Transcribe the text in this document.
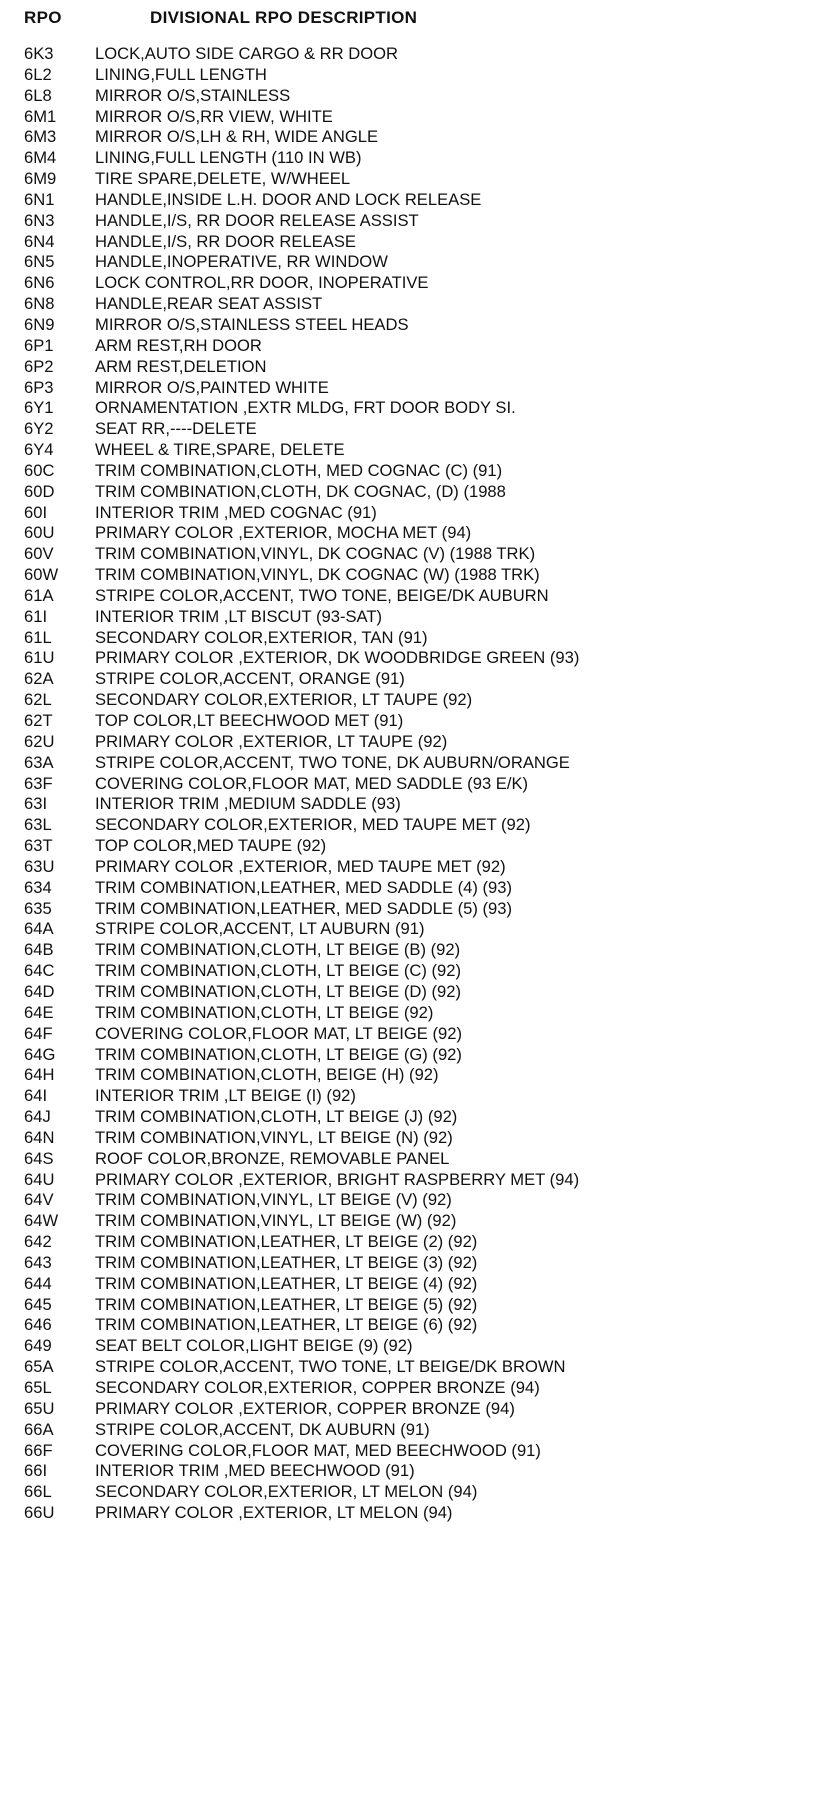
RPO	DIVISIONAL RPO DESCRIPTION
6K3	LOCK,AUTO SIDE CARGO & RR DOOR
6L2	LINING,FULL LENGTH
6L8	MIRROR O/S,STAINLESS
6M1	MIRROR O/S,RR VIEW, WHITE
6M3	MIRROR O/S,LH & RH, WIDE ANGLE
6M4	LINING,FULL LENGTH (110 IN WB)
6M9	TIRE SPARE,DELETE, W/WHEEL
6N1	HANDLE,INSIDE L.H. DOOR AND LOCK RELEASE
6N3	HANDLE,I/S, RR DOOR RELEASE ASSIST
6N4	HANDLE,I/S, RR DOOR RELEASE
6N5	HANDLE,INOPERATIVE, RR WINDOW
6N6	LOCK CONTROL,RR DOOR, INOPERATIVE
6N8	HANDLE,REAR SEAT ASSIST
6N9	MIRROR O/S,STAINLESS STEEL HEADS
6P1	ARM REST,RH DOOR
6P2	ARM REST,DELETION
6P3	MIRROR O/S,PAINTED WHITE
6Y1	ORNAMENTATION ,EXTR MLDG, FRT DOOR BODY SI.
6Y2	SEAT RR,----DELETE
6Y4	WHEEL & TIRE,SPARE, DELETE
60C	TRIM COMBINATION,CLOTH, MED COGNAC (C) (91)
60D	TRIM COMBINATION,CLOTH, DK COGNAC, (D) (1988
60I	INTERIOR TRIM ,MED COGNAC (91)
60U	PRIMARY COLOR ,EXTERIOR, MOCHA MET (94)
60V	TRIM COMBINATION,VINYL, DK COGNAC (V) (1988 TRK)
60W	TRIM COMBINATION,VINYL, DK COGNAC (W) (1988 TRK)
61A	STRIPE COLOR,ACCENT, TWO TONE, BEIGE/DK AUBURN
61I	INTERIOR TRIM ,LT BISCUT (93-SAT)
61L	SECONDARY COLOR,EXTERIOR, TAN (91)
61U	PRIMARY COLOR ,EXTERIOR, DK WOODBRIDGE GREEN (93)
62A	STRIPE COLOR,ACCENT, ORANGE (91)
62L	SECONDARY COLOR,EXTERIOR, LT TAUPE (92)
62T	TOP COLOR,LT BEECHWOOD MET (91)
62U	PRIMARY COLOR ,EXTERIOR, LT TAUPE (92)
63A	STRIPE COLOR,ACCENT, TWO TONE, DK AUBURN/ORANGE
63F	COVERING COLOR,FLOOR MAT, MED SADDLE (93 E/K)
63I	INTERIOR TRIM ,MEDIUM SADDLE (93)
63L	SECONDARY COLOR,EXTERIOR, MED TAUPE MET (92)
63T	TOP COLOR,MED TAUPE (92)
63U	PRIMARY COLOR ,EXTERIOR, MED TAUPE MET (92)
634	TRIM COMBINATION,LEATHER, MED SADDLE (4) (93)
635	TRIM COMBINATION,LEATHER, MED SADDLE (5) (93)
64A	STRIPE COLOR,ACCENT, LT AUBURN (91)
64B	TRIM COMBINATION,CLOTH, LT BEIGE (B) (92)
64C	TRIM COMBINATION,CLOTH, LT BEIGE (C) (92)
64D	TRIM COMBINATION,CLOTH, LT BEIGE (D) (92)
64E	TRIM COMBINATION,CLOTH, LT BEIGE (92)
64F	COVERING COLOR,FLOOR MAT, LT BEIGE (92)
64G	TRIM COMBINATION,CLOTH, LT BEIGE (G) (92)
64H	TRIM COMBINATION,CLOTH, BEIGE (H) (92)
64I	INTERIOR TRIM ,LT BEIGE (I) (92)
64J	TRIM COMBINATION,CLOTH, LT BEIGE (J) (92)
64N	TRIM COMBINATION,VINYL, LT BEIGE (N) (92)
64S	ROOF COLOR,BRONZE, REMOVABLE PANEL
64U	PRIMARY COLOR ,EXTERIOR, BRIGHT RASPBERRY MET (94)
64V	TRIM COMBINATION,VINYL, LT BEIGE (V) (92)
64W	TRIM COMBINATION,VINYL, LT BEIGE (W) (92)
642	TRIM COMBINATION,LEATHER, LT BEIGE (2) (92)
643	TRIM COMBINATION,LEATHER, LT BEIGE (3) (92)
644	TRIM COMBINATION,LEATHER, LT BEIGE (4) (92)
645	TRIM COMBINATION,LEATHER, LT BEIGE (5) (92)
646	TRIM COMBINATION,LEATHER, LT BEIGE (6) (92)
649	SEAT BELT COLOR,LIGHT BEIGE (9) (92)
65A	STRIPE COLOR,ACCENT, TWO TONE, LT BEIGE/DK BROWN
65L	SECONDARY COLOR,EXTERIOR, COPPER BRONZE (94)
65U	PRIMARY COLOR ,EXTERIOR, COPPER BRONZE (94)
66A	STRIPE COLOR,ACCENT, DK AUBURN (91)
66F	COVERING COLOR,FLOOR MAT, MED BEECHWOOD (91)
66I	INTERIOR TRIM ,MED BEECHWOOD (91)
66L	SECONDARY COLOR,EXTERIOR, LT MELON (94)
66U	PRIMARY COLOR ,EXTERIOR, LT MELON (94)
